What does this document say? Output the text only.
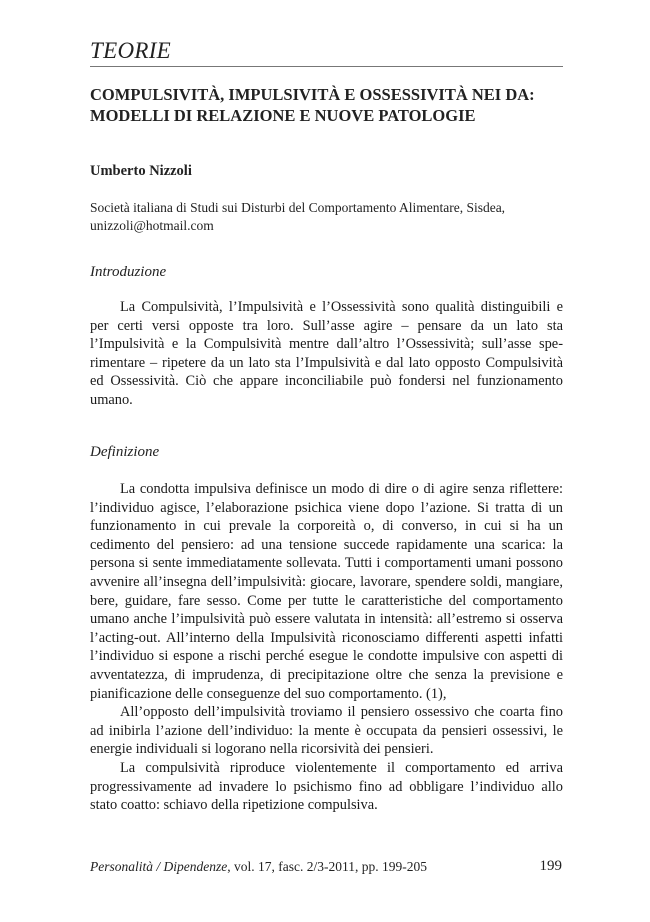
TEORIE
COMPULSIVITÀ, IMPULSIVITÀ E OSSESSIVITÀ NEI DA: MODELLI DI RELAZIONE E NUOVE PATOLOGIE
Umberto Nizzoli
Società italiana di Studi sui Disturbi del Comportamento Alimentare, Sisdea,
unizzoli@hotmail.com
Introduzione

La Compulsività, l’Impulsività e l’Ossessività sono qualità distinguibili e per certi versi opposte tra loro. Sull’asse agire – pensare da un lato sta l’Impulsività e la Compulsività mentre dall’altro l’Ossessività; sull’asse sperimentare – ripetere da un lato sta l’Impulsività e dal lato opposto Compulsività ed Ossessività. Ciò che appare inconciliabile può fondersi nel funzionamento umano.

Definizione

La condotta impulsiva definisce un modo di dire o di agire senza riflettere: l’individuo agisce, l’elaborazione psichica viene dopo l’azione. Si tratta di un funzionamento in cui prevale la corporeità o, di converso, in cui si ha un cedimento del pensiero: ad una tensione succede rapidamente una scarica: la persona si sente immediatamente sollevata. Tutti i comportamenti umani possono avvenire all’insegna dell’impulsività: giocare, lavorare, spendere soldi, mangiare, bere, guidare, fare sesso. Come per tutte le caratteristiche del comportamento umano anche l’impulsività può essere valutata in intensità: all’estremo si osserva l’acting-out. All’interno della Impulsività riconosciamo differenti aspetti infatti l’individuo si espone a rischi perché esegue le condotte impulsive con aspetti di avventatezza, di imprudenza, di precipitazione oltre che senza la previsione e pianificazione delle conseguenze del suo comportamento. (1),

All’opposto dell’impulsività troviamo il pensiero ossessivo che coarta fino ad inibirla l’azione dell’individuo: la mente è occupata da pensieri ossessivi, le energie individuali si logorano nella ricorsività dei pensieri.

La compulsività riproduce violentemente il comportamento ed arriva progressivamente ad invadere lo psichismo fino ad obbligare l’individuo allo stato coatto: schiavo della ripetizione compulsiva.

Personalità / Dipendenze, vol. 17, fasc. 2/3-2011, pp. 199-205	199
